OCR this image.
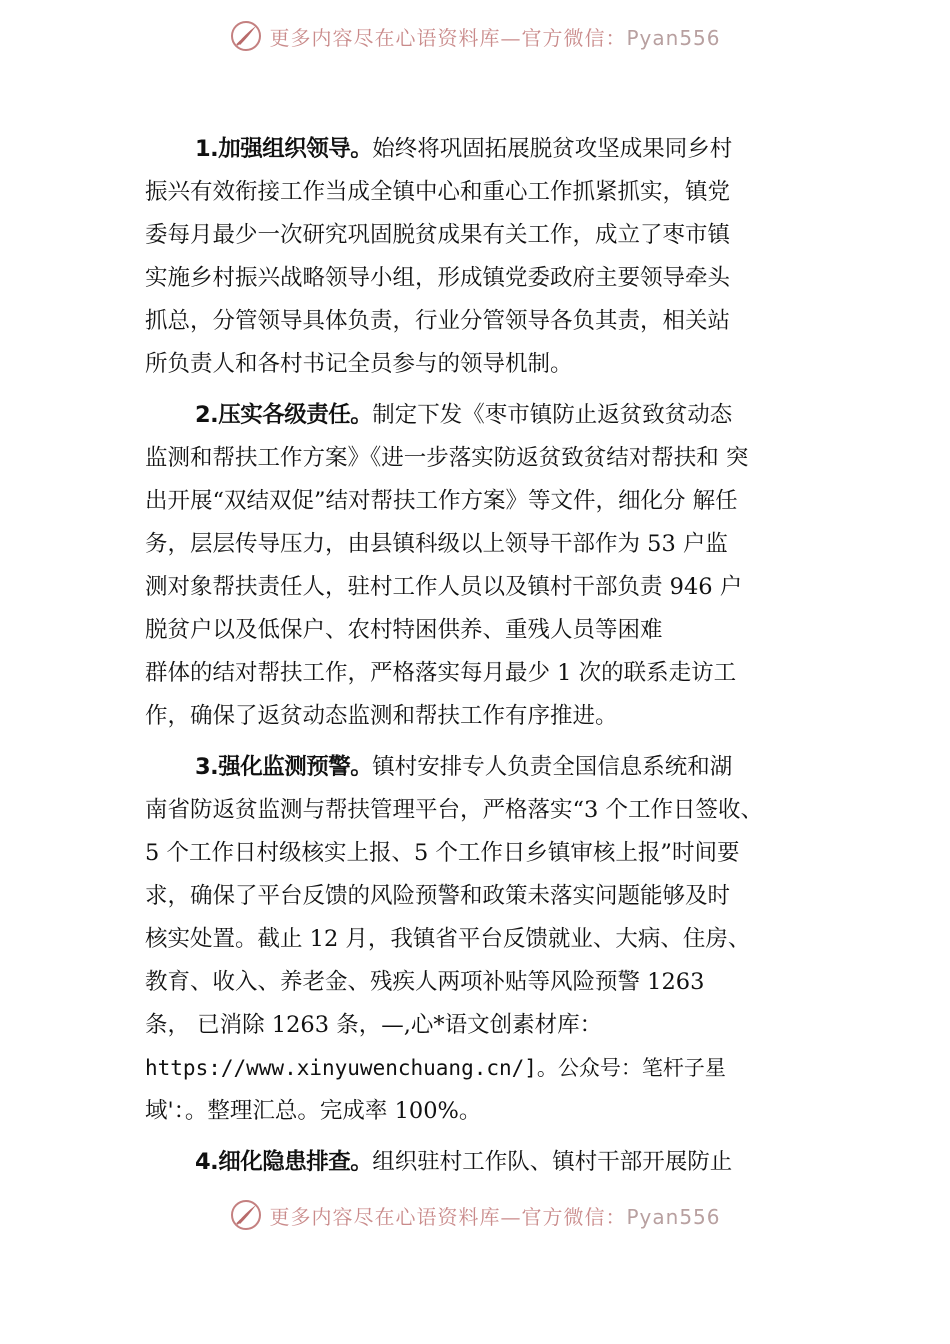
更多内容尽在心语资料库—官方微信：Pyan556

1.加强组织领导。始终将巩固拓展脱贫攻坚成果同乡村
振兴有效衔接工作当成全镇中心和重心工作抓紧抓实，镇党
委每月最少一次研究巩固脱贫成果有关工作，成立了枣市镇
实施乡村振兴战略领导小组，形成镇党委政府主要领导牵头
抓总，分管领导具体负责，行业分管领导各负其责，相关站
所负责人和各村书记全员参与的领导机制。

2.压实各级责任。制定下发《枣市镇防止返贫致贫动态
监测和帮扶工作方案》《进一步落实防返贫致贫结对帮扶和 突
出开展“双结双促”结对帮扶工作方案》等文件，细化分 解任
务，层层传导压力，由县镇科级以上领导干部作为 53 户监
测对象帮扶责任人，驻村工作人员以及镇村干部负责 946 户
脱贫户以及低保户、农村特困供养、重残人员等困难
群体的结对帮扶工作，严格落实每月最少 1 次的联系走访工
作，确保了返贫动态监测和帮扶工作有序推进。

3.强化监测预警。镇村安排专人负责全国信息系统和湖
南省防返贫监测与帮扶管理平台，严格落实“3 个工作日签收、
5 个工作日村级核实上报、5 个工作日乡镇审核上报”时间要
求，确保了平台反馈的风险预警和政策未落实问题能够及时
核实处置。截止 12 月，我镇省平台反馈就业、大病、住房、
教育、收入、养老金、残疾人两项补贴等风险预警 1263
条， 已消除 1263 条，—,心*语文创素材库：
https://www.xinyuwenchuang.cn/]。公众号：笔杆子星
域'：。整理汇总。完成率 100%。

4.细化隐患排查。组织驻村工作队、镇村干部开展防止

更多内容尽在心语资料库—官方微信：Pyan556
